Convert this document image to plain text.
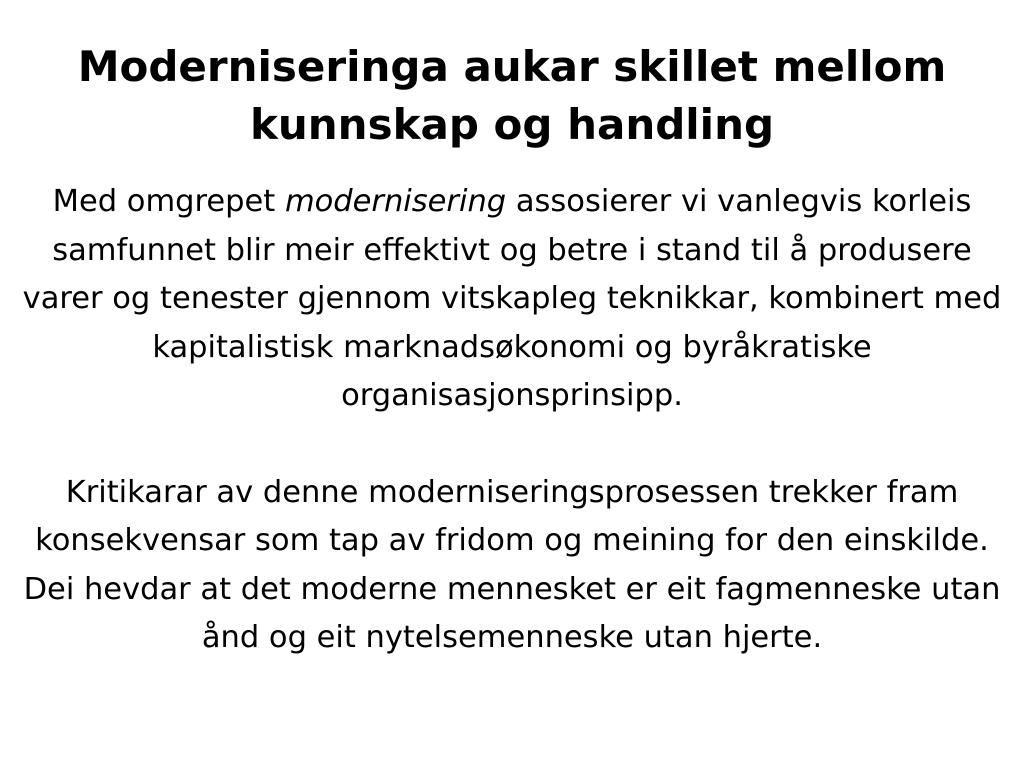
Moderniseringa aukar skillet mellom kunnskap og handling

Med omgrepet modernisering assosierer vi vanlegvis korleis samfunnet blir meir effektivt og betre i stand til å produsere varer og tenester gjennom vitskapleg teknikkar, kombinert med kapitalistisk marknadsøkonomi og byråkratiske organisasjonsprinsipp.

Kritikarar av denne moderniseringsprosessen trekker fram konsekvensar som tap av fridom og meining for den einskilde. Dei hevdar at det moderne mennesket er eit fagmenneske utan ånd og eit nytelsemenneske utan hjerte.
